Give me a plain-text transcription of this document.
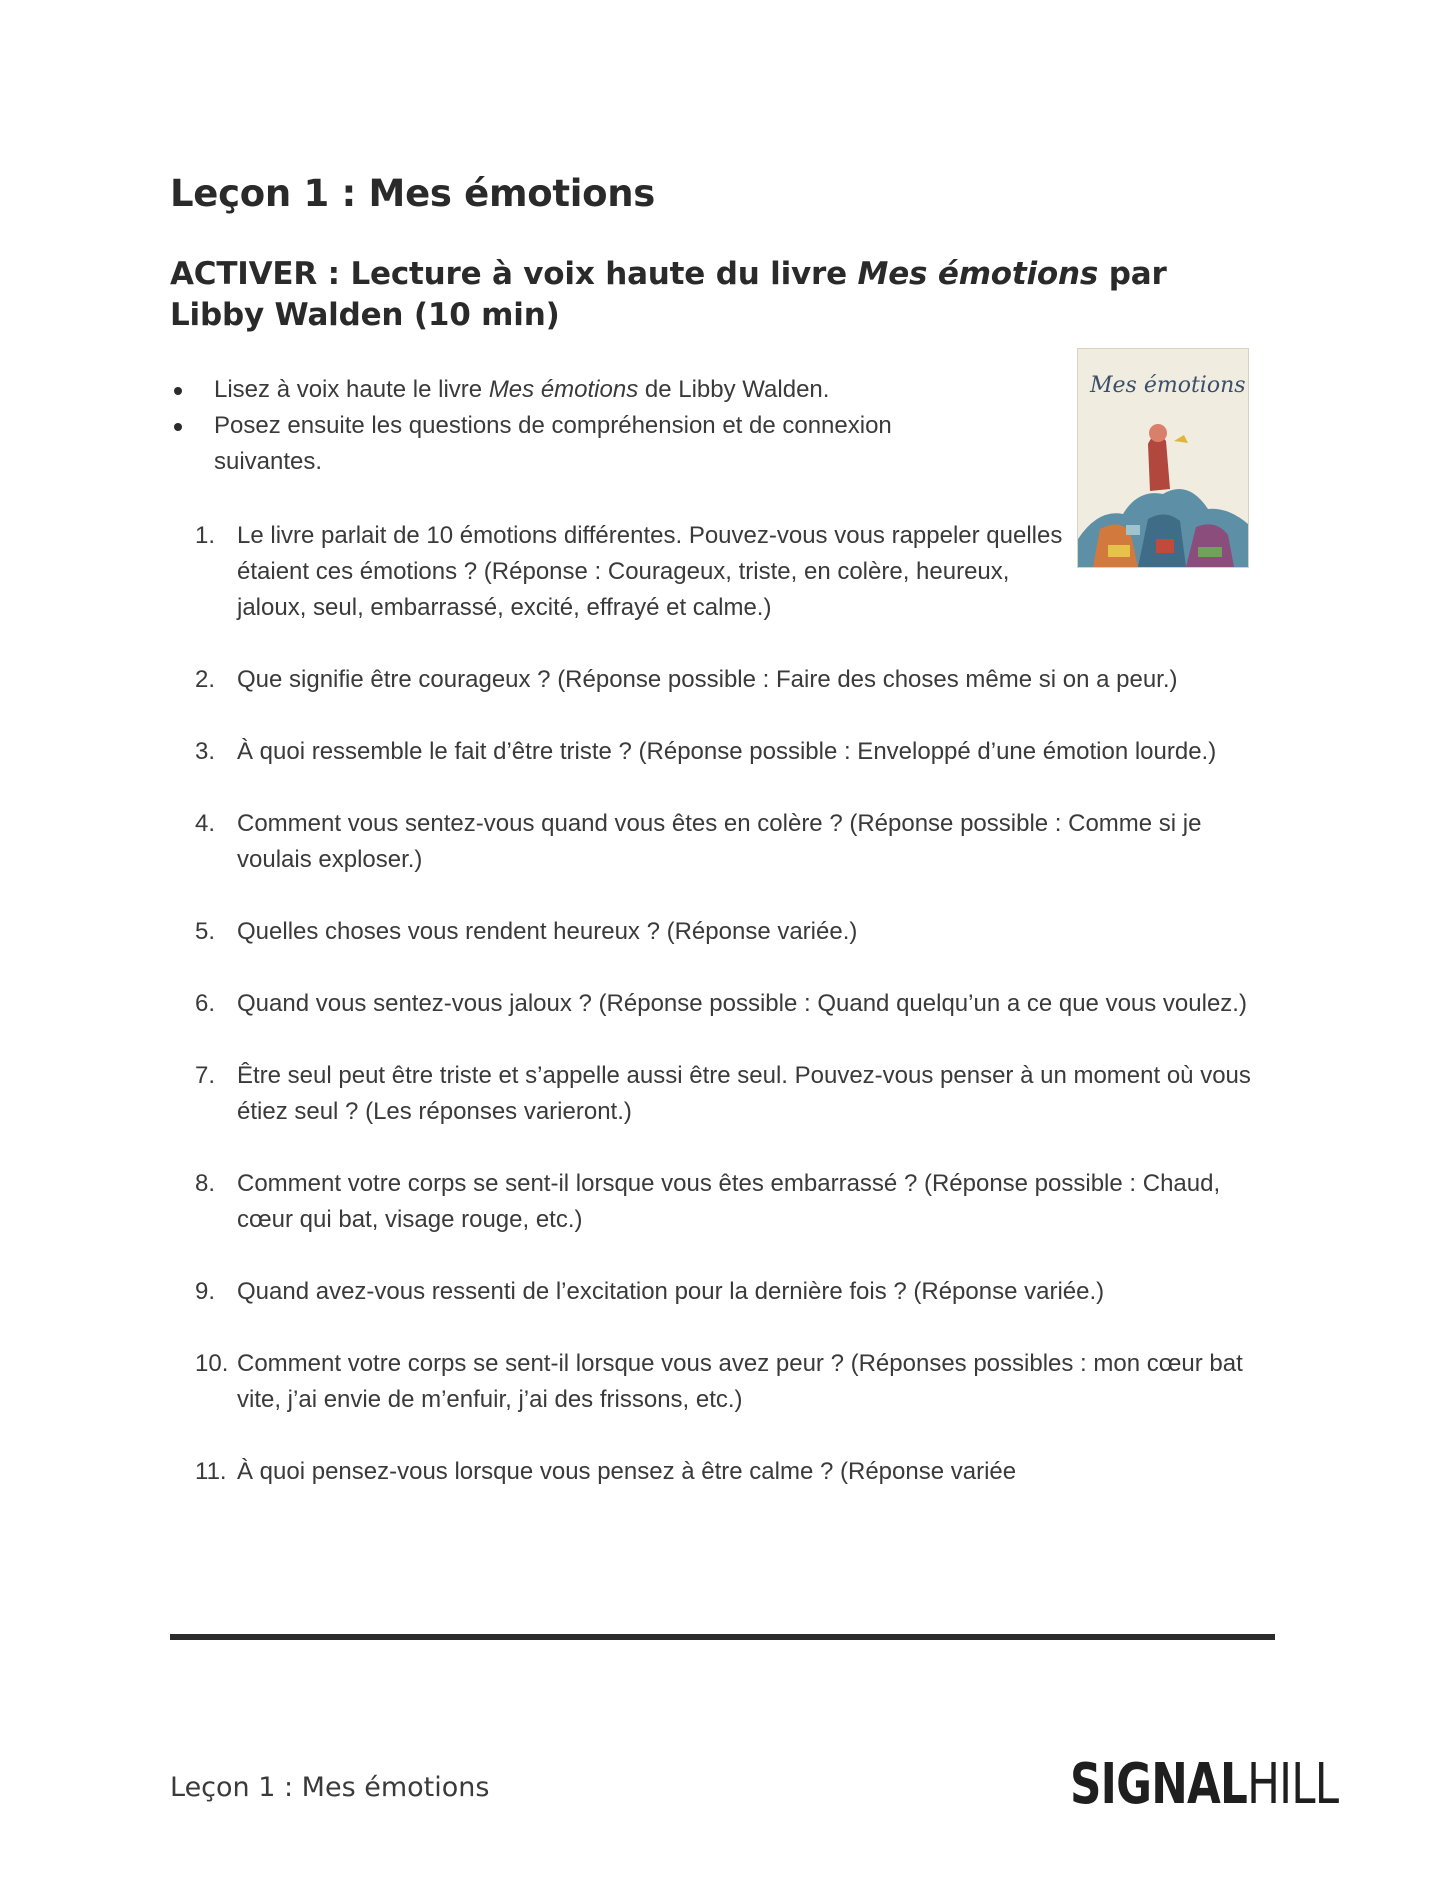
Leçon 1 : Mes émotions
ACTIVER : Lecture à voix haute du livre Mes émotions par Libby Walden (10 min)
Lisez à voix haute le livre Mes émotions de Libby Walden.
Posez ensuite les questions de compréhension et de connexion suivantes.
Mes émotions
1. Le livre parlait de 10 émotions différentes. Pouvez-vous vous rappeler quelles étaient ces émotions ? (Réponse : Courageux, triste, en colère, heureux, jaloux, seul, embarrassé, excité, effrayé et calme.)
2. Que signifie être courageux ? (Réponse possible : Faire des choses même si on a peur.)
3. À quoi ressemble le fait d’être triste ? (Réponse possible : Enveloppé d’une émotion lourde.)
4. Comment vous sentez-vous quand vous êtes en colère ? (Réponse possible : Comme si je voulais exploser.)
5. Quelles choses vous rendent heureux ? (Réponse variée.)
6. Quand vous sentez-vous jaloux ? (Réponse possible : Quand quelqu’un a ce que vous voulez.)
7. Être seul peut être triste et s’appelle aussi être seul. Pouvez-vous penser à un moment où vous étiez seul ? (Les réponses varieront.)
8. Comment votre corps se sent-il lorsque vous êtes embarrassé ? (Réponse possible : Chaud, cœur qui bat, visage rouge, etc.)
9. Quand avez-vous ressenti de l’excitation pour la dernière fois ? (Réponse variée.)
10. Comment votre corps se sent-il lorsque vous avez peur ? (Réponses possibles : mon cœur bat vite, j’ai envie de m’enfuir, j’ai des frissons, etc.)
11. À quoi pensez-vous lorsque vous pensez à être calme ? (Réponse variée
Leçon 1 : Mes émotions	SIGNALHILL
